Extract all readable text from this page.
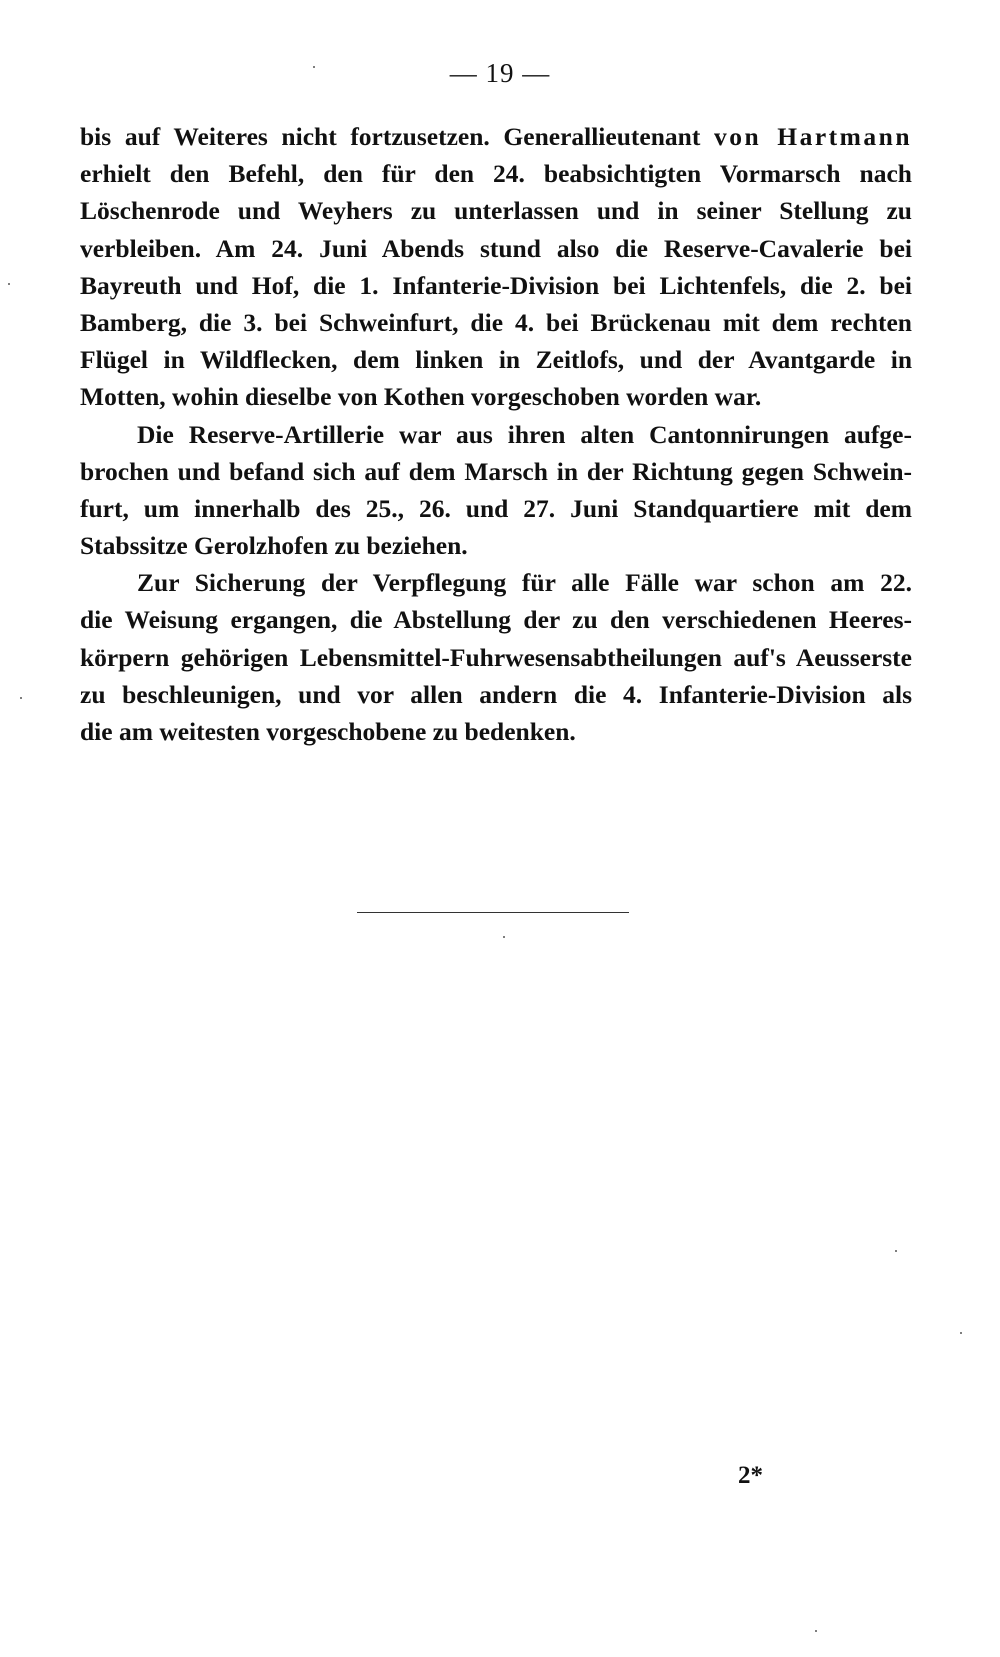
— 19 —
bis auf Weiteres nicht fortzusetzen. Generallieutenant von Hartmann
erhielt den Befehl, den für den 24. beabsichtigten Vormarsch nach
Löschenrode und Weyhers zu unterlassen und in seiner Stellung zu
verbleiben. Am 24. Juni Abends stund also die Reserve-Cavalerie bei
Bayreuth und Hof, die 1. Infanterie-Division bei Lichtenfels, die 2. bei
Bamberg, die 3. bei Schweinfurt, die 4. bei Brückenau mit dem rechten
Flügel in Wildflecken, dem linken in Zeitlofs, und der Avantgarde in
Motten, wohin dieselbe von Kothen vorgeschoben worden war.
Die Reserve-Artillerie war aus ihren alten Cantonnirungen aufge-
brochen und befand sich auf dem Marsch in der Richtung gegen Schwein-
furt, um innerhalb des 25., 26. und 27. Juni Standquartiere mit dem
Stabssitze Gerolzhofen zu beziehen.
Zur Sicherung der Verpflegung für alle Fälle war schon am 22.
die Weisung ergangen, die Abstellung der zu den verschiedenen Heeres-
körpern gehörigen Lebensmittel-Fuhrwesensabtheilungen auf's Aeusserste
zu beschleunigen, und vor allen andern die 4. Infanterie-Division als
die am weitesten vorgeschobene zu bedenken.
2*
